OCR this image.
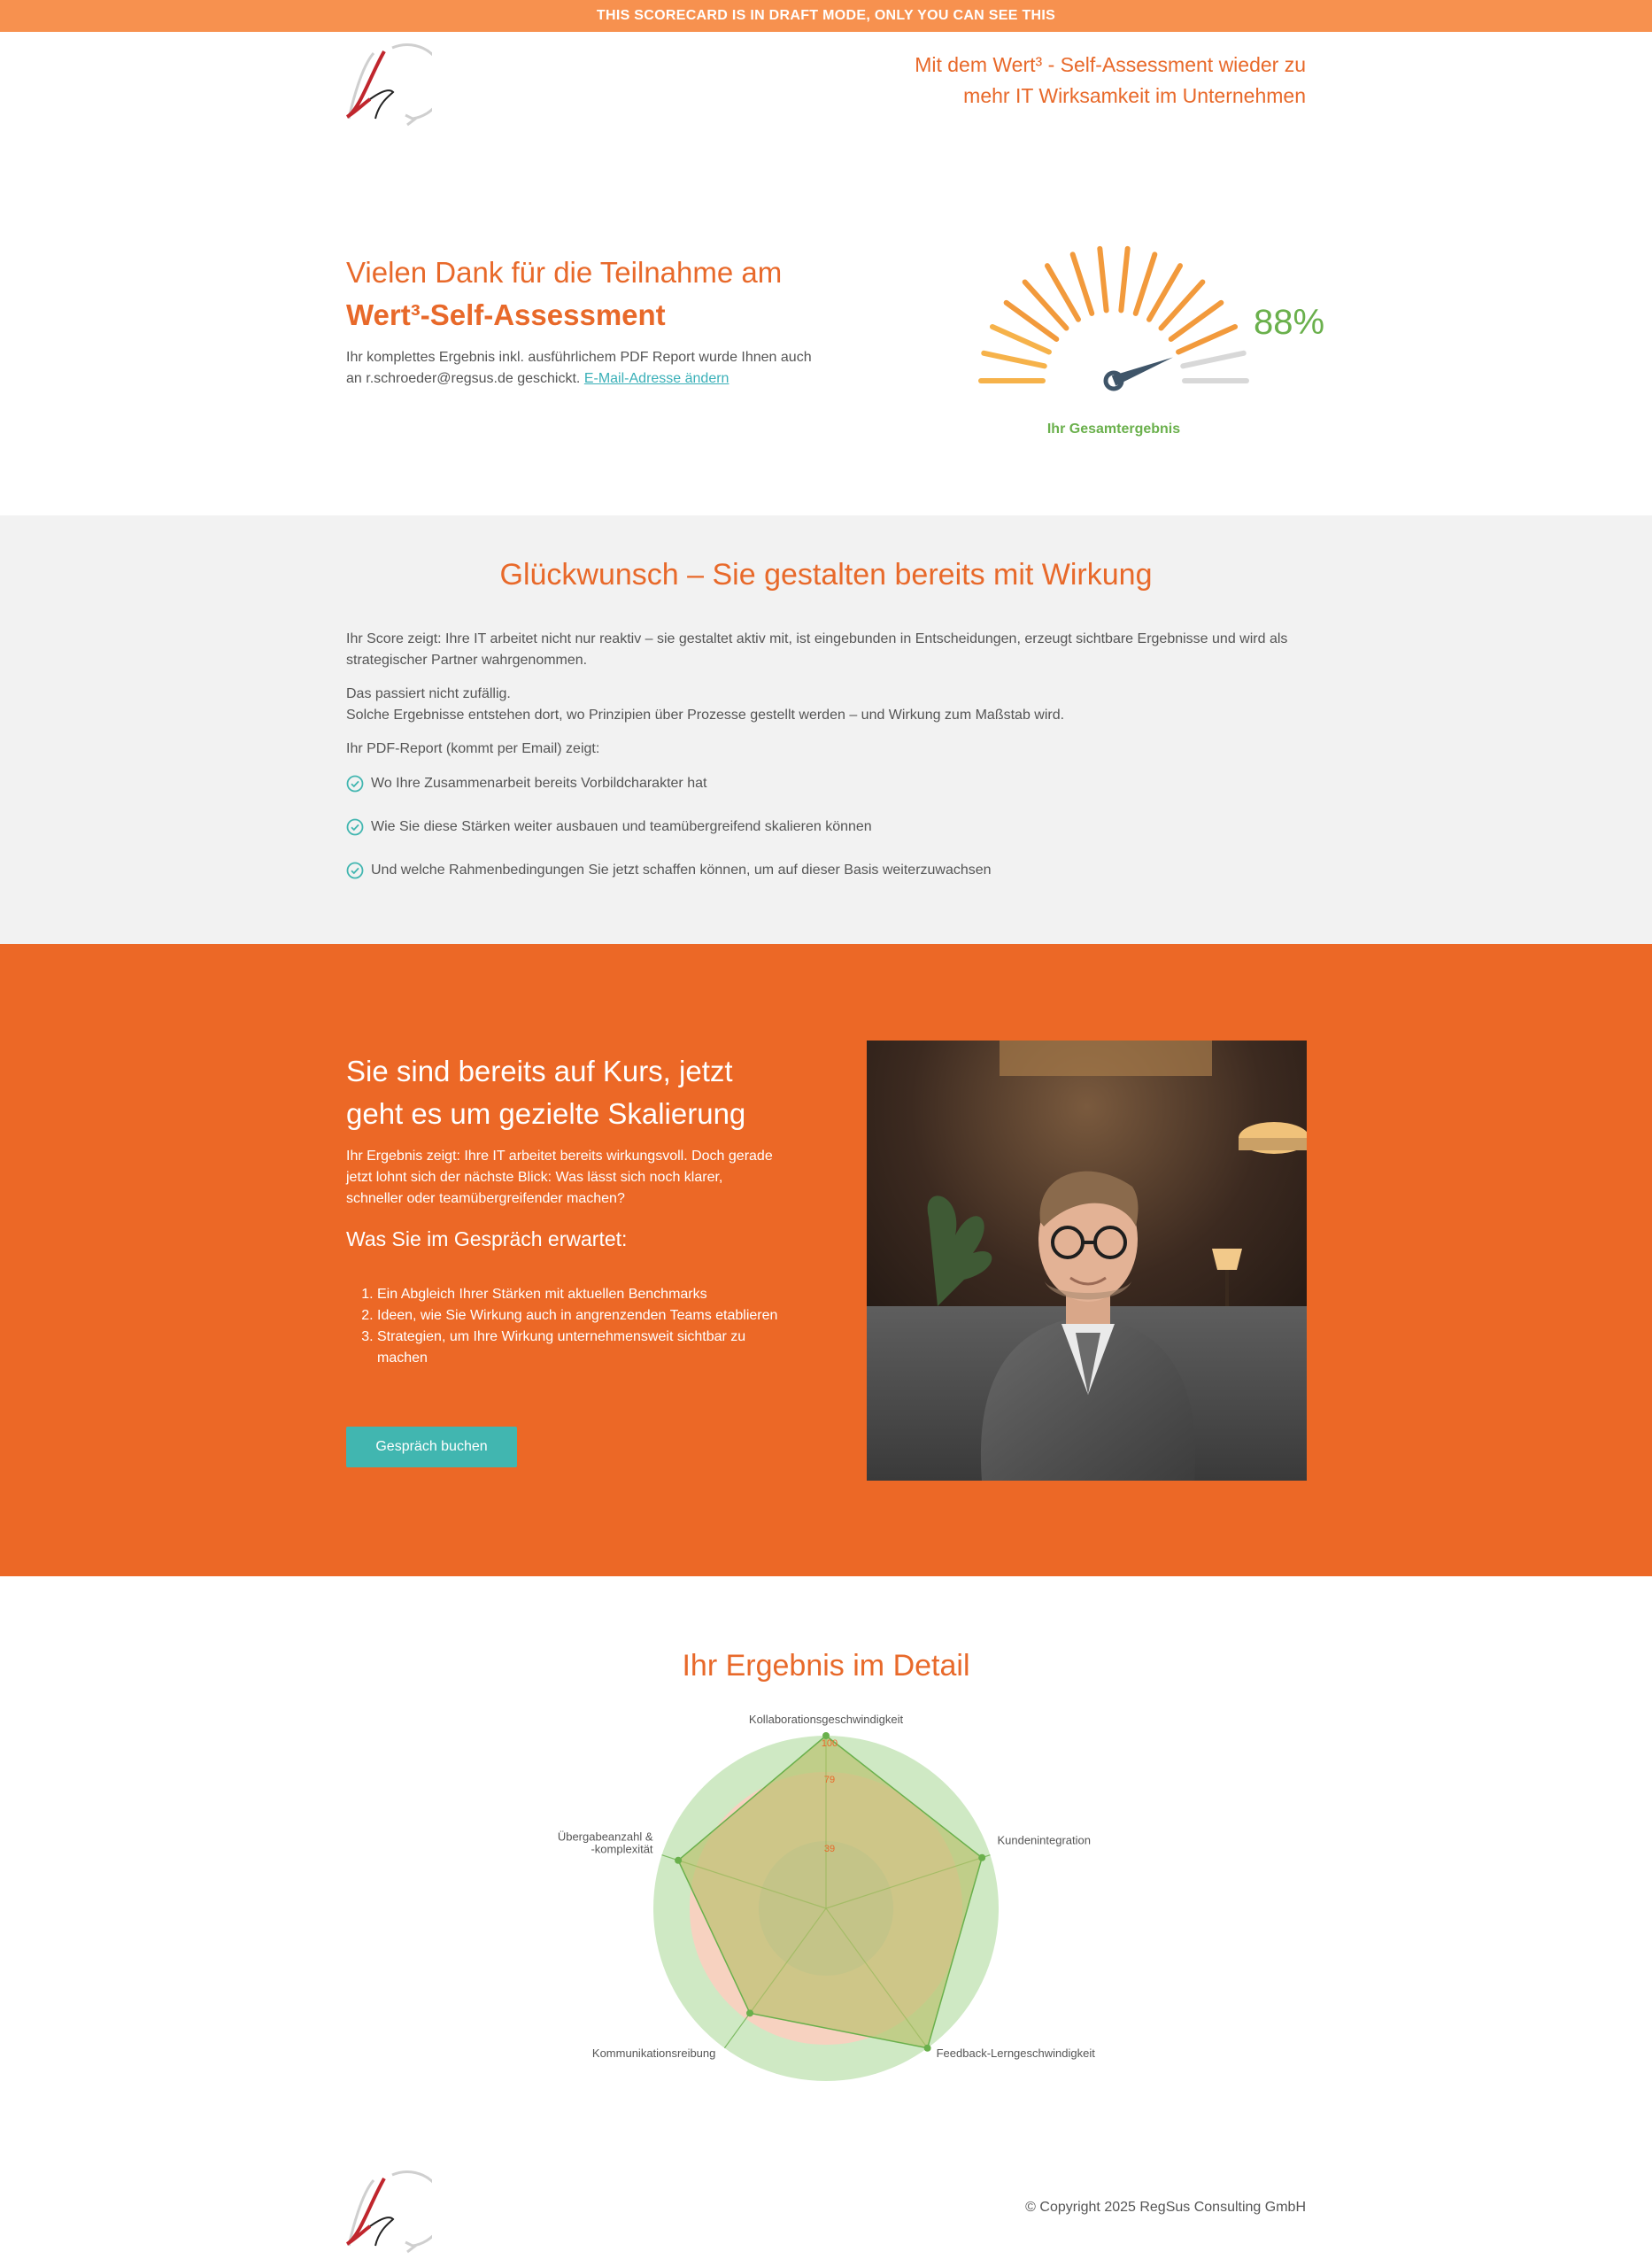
THIS SCORECARD IS IN DRAFT MODE, ONLY YOU CAN SEE THIS
Mit dem Wert³ - Self-Assessment wieder zu
mehr IT Wirksamkeit im Unternehmen
Vielen Dank für die Teilnahme am
Wert³-Self-Assessment

Ihr komplettes Ergebnis inkl. ausführlichem PDF Report wurde Ihnen auch
an r.schroeder@regsus.de geschickt. E-Mail-Adresse ändern

88%
Ihr Gesamtergebnis
Glückwunsch – Sie gestalten bereits mit Wirkung
Ihr Score zeigt: Ihre IT arbeitet nicht nur reaktiv – sie gestaltet aktiv mit, ist eingebunden in Entscheidungen, erzeugt sichtbare Ergebnisse und wird als strategischer Partner wahrgenommen.
Das passiert nicht zufällig.
Solche Ergebnisse entstehen dort, wo Prinzipien über Prozesse gestellt werden – und Wirkung zum Maßstab wird.
Ihr PDF-Report (kommt per Email) zeigt:
Wo Ihre Zusammenarbeit bereits Vorbildcharakter hat
Wie Sie diese Stärken weiter ausbauen und teamübergreifend skalieren können
Und welche Rahmenbedingungen Sie jetzt schaffen können, um auf dieser Basis weiterzuwachsen
Sie sind bereits auf Kurs, jetzt
geht es um gezielte Skalierung
Ihr Ergebnis zeigt: Ihre IT arbeitet bereits wirkungsvoll. Doch gerade jetzt lohnt sich der nächste Blick: Was lässt sich noch klarer, schneller oder teamübergreifender machen?
Was Sie im Gespräch erwartet:
1. Ein Abgleich Ihrer Stärken mit aktuellen Benchmarks
2. Ideen, wie Sie Wirkung auch in angrenzenden Teams etablieren
3. Strategien, um Ihre Wirkung unternehmensweit sichtbar zu machen
Gespräch buchen
Ihr Ergebnis im Detail
39
79
100
Kollaborationsgeschwindigkeit
Kundenintegration
Feedback-Lerngeschwindigkeit
Kommunikationsreibung
Übergabeanzahl & -komplexität
© Copyright 2025 RegSus Consulting GmbH
